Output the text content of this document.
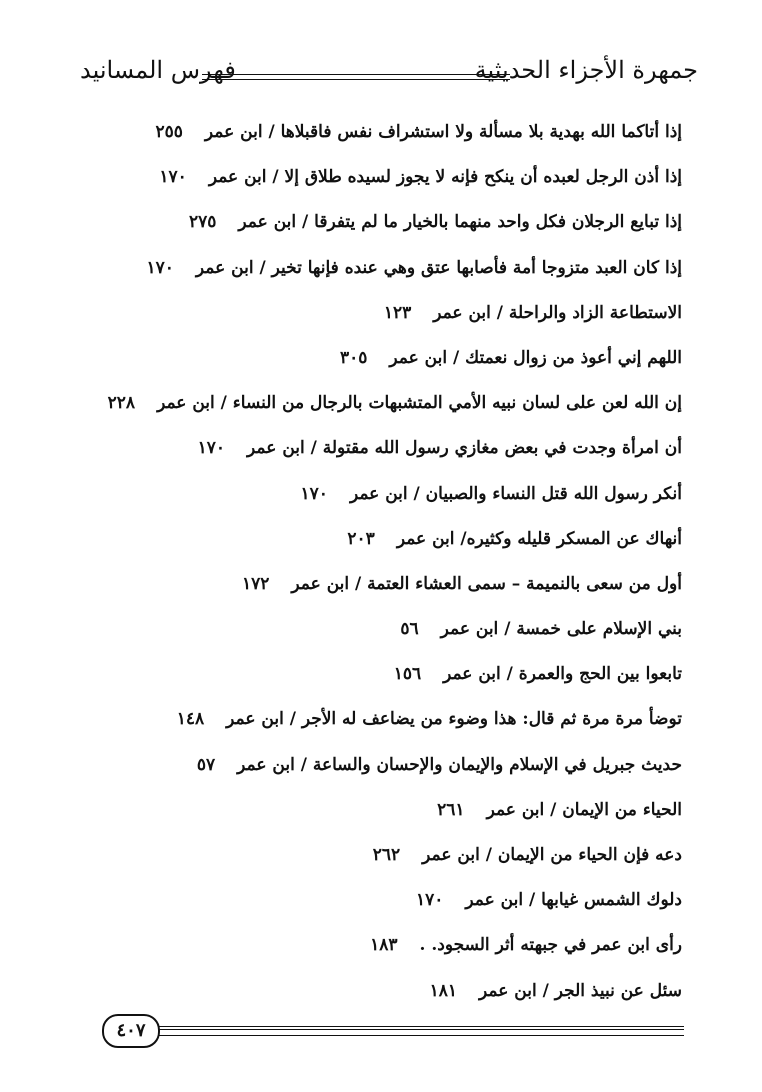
جمهرة الأجزاء الحديثية
فهرس المسانيد
إذا أتاكما الله بهدية بلا مسألة ولا استشراف نفس فاقبلاها / ابن عمر٢٥٥
إذا أذن الرجل لعبده أن ينكح فإنه لا يجوز لسيده طلاق إلا / ابن عمر١٧٠
إذا تبايع الرجلان فكل واحد منهما بالخيار ما لم يتفرقا / ابن عمر٢٧٥
إذا كان العبد متزوجا أمة فأصابها عتق وهي عنده فإنها تخير / ابن عمر١٧٠
الاستطاعة الزاد والراحلة / ابن عمر١٢٣
اللهم إني أعوذ من زوال نعمتك / ابن عمر٣٠٥
إن الله لعن على لسان نبيه الأمي المتشبهات بالرجال من النساء / ابن عمر٢٢٨
أن امرأة وجدت في بعض مغازي رسول الله مقتولة / ابن عمر١٧٠
أنكر رسول الله قتل النساء والصبيان / ابن عمر١٧٠
أنهاك عن المسكر قليله وكثيره/ ابن عمر٢٠٣
أول من سعى بالنميمة – سمى العشاء العتمة / ابن عمر١٧٢
بني الإسلام على خمسة / ابن عمر٥٦
تابعوا بين الحج والعمرة / ابن عمر١٥٦
توضأ مرة مرة ثم قال: هذا وضوء من يضاعف له الأجر / ابن عمر١٤٨
حديث جبريل في الإسلام والإيمان والإحسان والساعة / ابن عمر٥٧
الحياء من الإيمان / ابن عمر٢٦١
دعه فإن الحياء من الإيمان / ابن عمر٢٦٢
دلوك الشمس غيابها / ابن عمر١٧٠
رأى ابن عمر في جبهته أثر السجود. .١٨٣
سئل عن نبيذ الجر / ابن عمر١٨١
٤٠٧
